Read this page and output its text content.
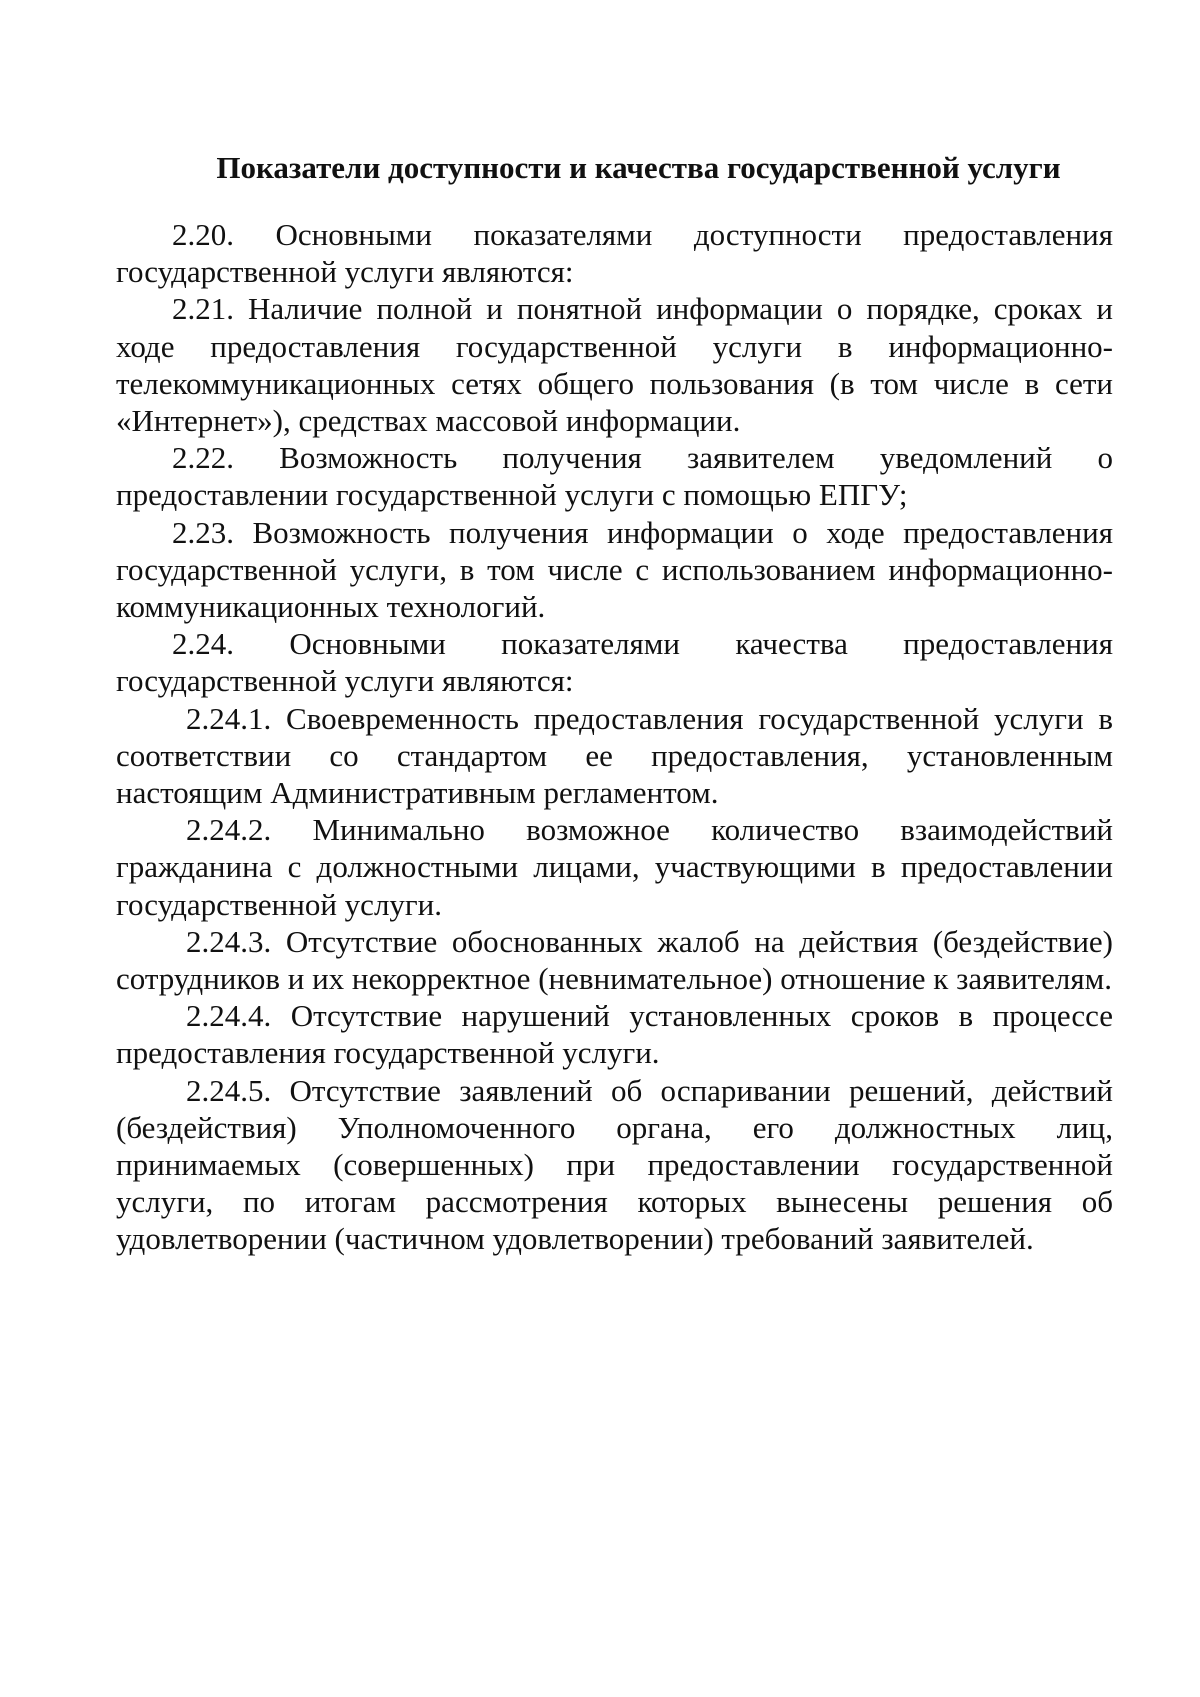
Показатели доступности и качества государственной услуги

2.20. Основными показателями доступности предоставления государственной услуги являются:

2.21. Наличие полной и понятной информации о порядке, сроках и ходе предоставления государственной услуги в информационно-телекоммуникационных сетях общего пользования (в том числе в сети «Интернет»), средствах массовой информации.

2.22. Возможность получения заявителем уведомлений о предоставлении государственной услуги с помощью ЕПГУ;

2.23. Возможность получения информации о ходе предоставления государственной услуги, в том числе с использованием информационно-коммуникационных технологий.

2.24. Основными показателями качества предоставления государственной услуги являются:

2.24.1. Своевременность предоставления государственной услуги в соответствии со стандартом ее предоставления, установленным настоящим Административным регламентом.

2.24.2. Минимально возможное количество взаимодействий гражданина с должностными лицами, участвующими в предоставлении государственной услуги.

2.24.3. Отсутствие обоснованных жалоб на действия (бездействие) сотрудников и их некорректное (невнимательное) отношение к заявителям.

2.24.4. Отсутствие нарушений установленных сроков в процессе предоставления государственной услуги.

2.24.5. Отсутствие заявлений об оспаривании решений, действий (бездействия) Уполномоченного органа, его должностных лиц, принимаемых (совершенных) при предоставлении государственной услуги, по итогам рассмотрения которых вынесены решения об удовлетворении (частичном удовлетворении) требований заявителей.
